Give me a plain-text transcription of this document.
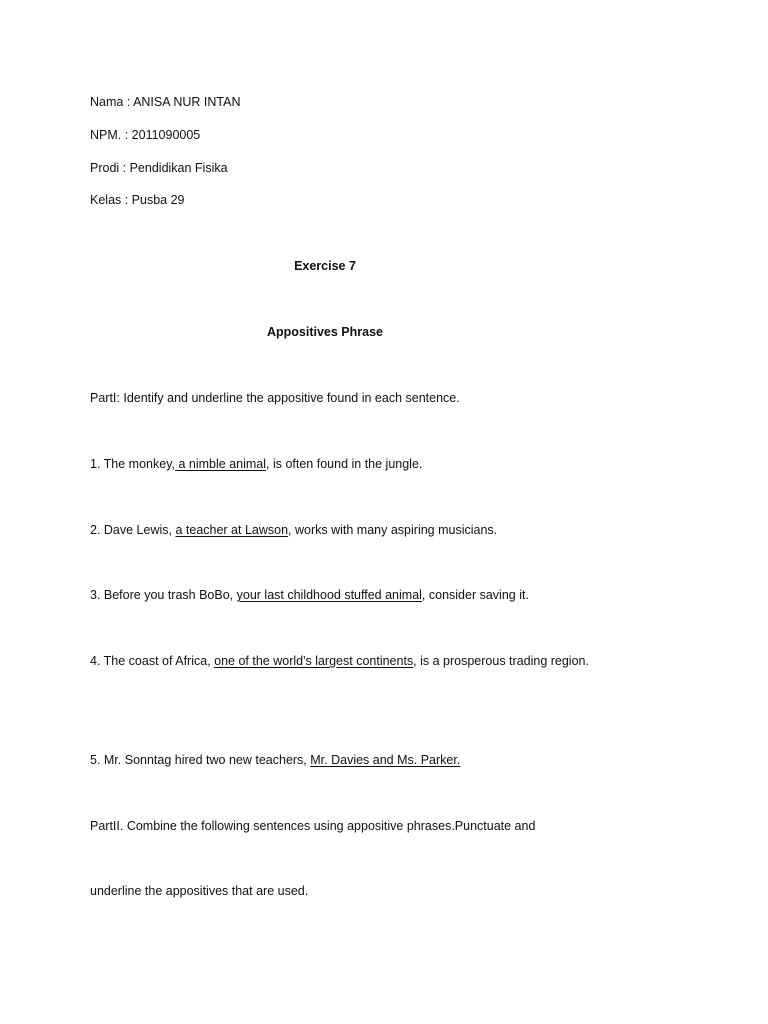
Nama : ANISA NUR INTAN
NPM. : 2011090005
Prodi : Pendidikan Fisika
Kelas : Pusba 29
Exercise 7
Appositives Phrase
PartI: Identify and underline the appositive found in each sentence.
1. The monkey, a nimble animal, is often found in the jungle.
2. Dave Lewis, a teacher at Lawson, works with many aspiring musicians.
3. Before you trash BoBo, your last childhood stuffed animal, consider saving it.
4. The coast of Africa, one of the world's largest continents, is a prosperous trading region.
5. Mr. Sonntag hired two new teachers, Mr. Davies and Ms. Parker.
PartII. Combine the following sentences using appositive phrases.Punctuate and
underline the appositives that are used.
